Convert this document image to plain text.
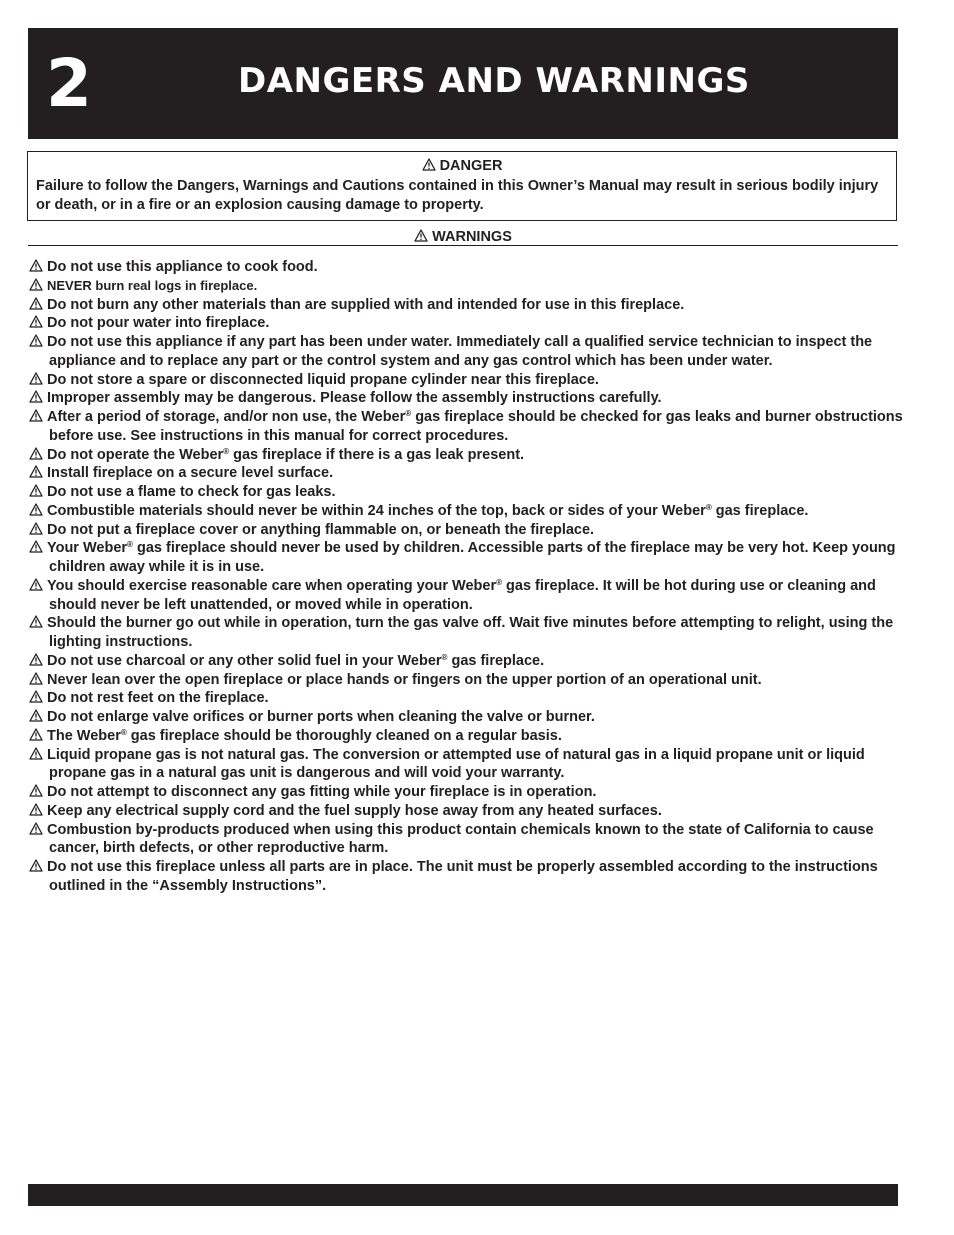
2	DANGERS AND WARNINGS
DANGER
Failure to follow the Dangers, Warnings and Cautions contained in this Owner’s Manual may result in serious bodily injury or death, or in a fire or an explosion causing damage to property.
WARNINGS
Do not use this appliance to cook food.
NEVER burn real logs in fireplace.
Do not burn any other materials than are supplied with and intended for use in this fireplace.
Do not pour water into fireplace.
Do not use this appliance if any part has been under water. Immediately call a qualified service technician to inspect the appliance and to replace any part or the control system and any gas control which has been under water.
Do not store a spare or disconnected liquid propane cylinder near this fireplace.
Improper assembly may be dangerous. Please follow the assembly instructions carefully.
After a period of storage, and/or non use, the Weber® gas fireplace should be checked for gas leaks and burner obstructions before use. See instructions in this manual for correct procedures.
Do not operate the Weber® gas fireplace if there is a gas leak present.
Install fireplace on a secure level surface.
Do not use a flame to check for gas leaks.
Combustible materials should never be within 24 inches of the top, back or sides of your Weber® gas fireplace.
Do not put a fireplace cover or anything flammable on, or beneath the fireplace.
Your Weber® gas fireplace should never be used by children. Accessible parts of the fireplace may be very hot. Keep young children away while it is in use.
You should exercise reasonable care when operating your Weber® gas fireplace. It will be hot during use or cleaning and should never be left unattended, or moved while in operation.
Should the burner go out while in operation, turn the gas valve off. Wait five minutes before attempting to relight, using the lighting instructions.
Do not use charcoal or any other solid fuel in your Weber® gas fireplace.
Never lean over the open fireplace or place hands or fingers on the upper portion of an operational unit.
Do not rest feet on the fireplace.
Do not enlarge valve orifices or burner ports when cleaning the valve or burner.
The Weber® gas fireplace should be thoroughly cleaned on a regular basis.
Liquid propane gas is not natural gas. The conversion or attempted use of natural gas in a liquid propane unit or liquid propane gas in a natural gas unit is dangerous and will void your warranty.
Do not attempt to disconnect any gas fitting while your fireplace is in operation.
Keep any electrical supply cord and the fuel supply hose away from any heated surfaces.
Combustion by-products produced when using this product contain chemicals known to the state of California to cause cancer, birth defects, or other reproductive harm.
Do not use this fireplace unless all parts are in place. The unit must be properly assembled according to the instructions outlined in the “Assembly Instructions”.
